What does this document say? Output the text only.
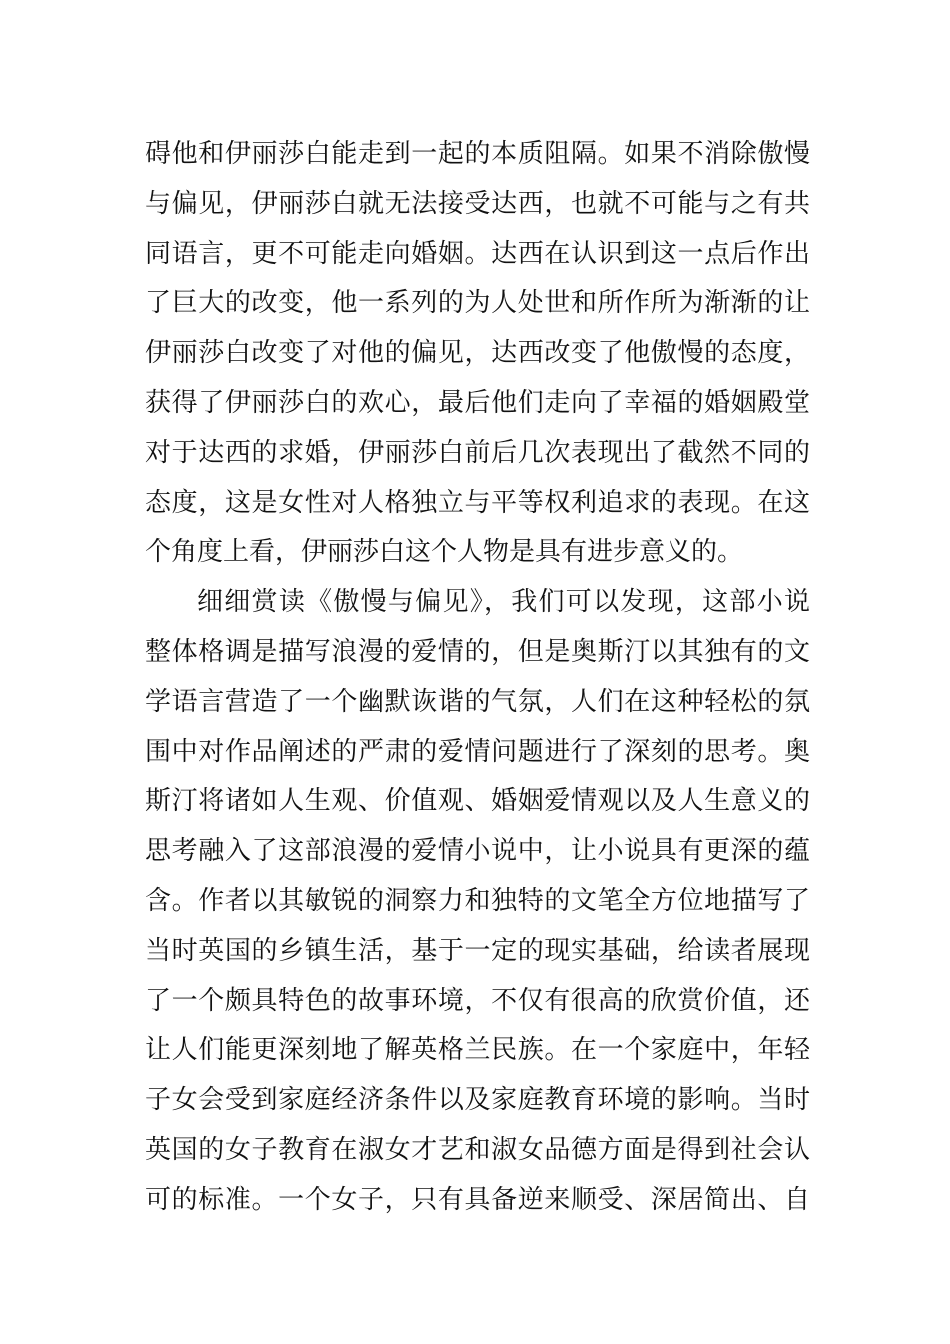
碍他和伊丽莎白能走到一起的本质阻隔。如果不消除傲慢
与偏见，伊丽莎白就无法接受达西，也就不可能与之有共
同语言，更不可能走向婚姻。达西在认识到这一点后作出
了巨大的改变，他一系列的为人处世和所作所为渐渐的让
伊丽莎白改变了对他的偏见，达西改变了他傲慢的态度，
获得了伊丽莎白的欢心，最后他们走向了幸福的婚姻殿堂
对于达西的求婚，伊丽莎白前后几次表现出了截然不同的
态度，这是女性对人格独立与平等权利追求的表现。在这
个角度上看，伊丽莎白这个人物是具有进步意义的。
细细赏读《傲慢与偏见》，我们可以发现，这部小说
整体格调是描写浪漫的爱情的，但是奥斯汀以其独有的文
学语言营造了一个幽默诙谐的气氛，人们在这种轻松的氛
围中对作品阐述的严肃的爱情问题进行了深刻的思考。奥
斯汀将诸如人生观、价值观、婚姻爱情观以及人生意义的
思考融入了这部浪漫的爱情小说中，让小说具有更深的蕴
含。作者以其敏锐的洞察力和独特的文笔全方位地描写了
当时英国的乡镇生活，基于一定的现实基础，给读者展现
了一个颇具特色的故事环境，不仅有很高的欣赏价值，还
让人们能更深刻地了解英格兰民族。在一个家庭中，年轻
子女会受到家庭经济条件以及家庭教育环境的影响。当时
英国的女子教育在淑女才艺和淑女品德方面是得到社会认
可的标准。一个女子，只有具备逆来顺受、深居简出、自
